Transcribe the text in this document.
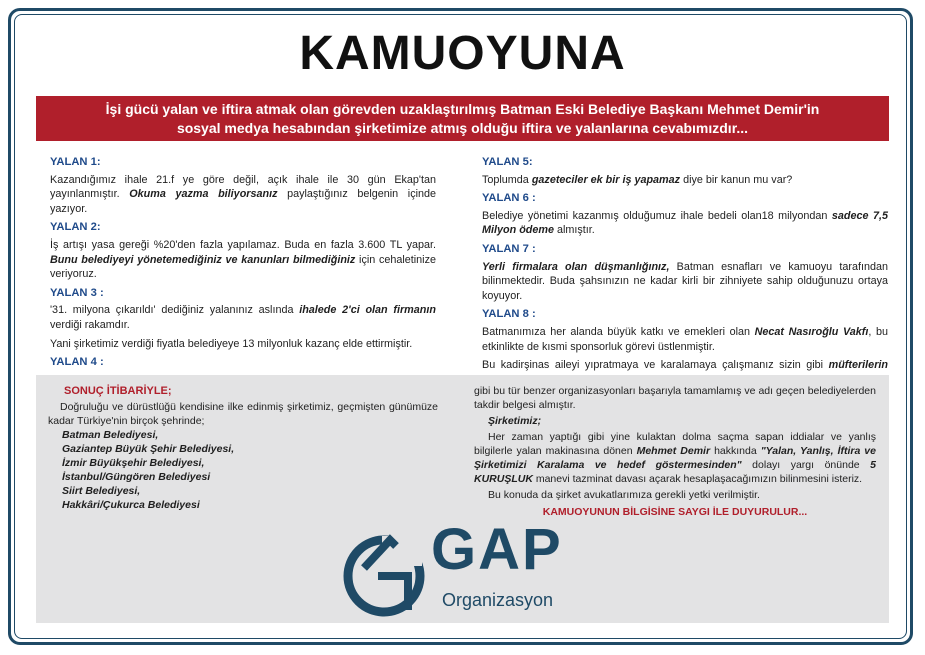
KAMUOYUNA
İşi gücü yalan ve iftira atmak olan görevden uzaklaştırılmış Batman Eski Belediye Başkanı Mehmet Demir'in
sosyal medya hesabından şirketimize atmış olduğu iftira ve yalanlarına cevabımızdır...
YALAN 1:
Kazandığımız ihale 21.f ye göre değil, açık ihale ile 30 gün Ekap'tan yayınlanmıştır. Okuma yazma biliyorsanız paylaştığınız belgenin içinde yazıyor.
YALAN 2:
İş artışı yasa gereği %20'den fazla yapılamaz. Buda en fazla 3.600 TL yapar. Bunu belediyeyi yönetemediğiniz ve kanunları bilmediğiniz için cehaletinize veriyoruz.
YALAN 3 :
'31. milyona çıkarıldı' dediğiniz yalanınız aslında ihalede 2'ci olan firmanın verdiği rakamdır.
Yani şirketimiz verdiği fiyatla belediyeye 13 milyonluk kazanç elde ettirmiştir.
YALAN 4 :
YALAN 5:
Toplumda gazeteciler ek bir iş yapamaz diye bir kanun mu var?
YALAN 6 :
Belediye yönetimi kazanmış olduğumuz ihale bedeli olan18 milyondan sadece 7,5 Milyon ödeme almıştır.
YALAN 7 :
Yerli firmalara olan düşmanlığınız, Batman esnafları ve kamuoyu tarafından bilinmektedir. Buda şahsınızın ne kadar kirli bir zihniyete sahip olduğunuzu ortaya koyuyor.
YALAN 8 :
Batmanımıza her alanda büyük katkı ve emekleri olan Necat Nasıroğlu Vakfı, bu etkinlikte de kısmi sponsorluk görevi üstlenmiştir.
Bu kadirşinas aileyi yıpratmaya ve karalamaya çalışmanız sizin gibi müfterilerin
SONUÇ İTİBARİYLE;
Doğruluğu ve dürüstlüğü kendisine ilke edinmiş şirketimiz, geçmişten günümüze kadar Türkiye'nin birçok şehrinde;
Batman Belediyesi,
Gaziantep Büyük Şehir Belediyesi,
İzmir Büyükşehir Belediyesi,
İstanbul/Güngören Belediyesi
Siirt Belediyesi,
Hakkâri/Çukurca Belediyesi

gibi bu tür benzer organizasyonları başarıyla tamamlamış ve adı geçen belediyelerden takdir belgesi almıştır.

Şirketimiz;

Her zaman yaptığı gibi yine kulaktan dolma saçma sapan iddialar ve yanlış bilgilerle yalan makinasına dönen Mehmet Demir hakkında "Yalan, Yanlış, İftira ve Şirketimizi Karalama ve hedef göstermesinden" dolayı yargı önünde 5 KURUŞLUK manevi tazminat davası açarak hesaplaşacağımızın bilinmesini isteriz.

Bu konuda da şirket avukatlarımıza gerekli yetki verilmiştir.

KAMUOYUNUN BİLGİSİNE SAYGI İLE DUYURULUR...

GAP
Organizasyon
